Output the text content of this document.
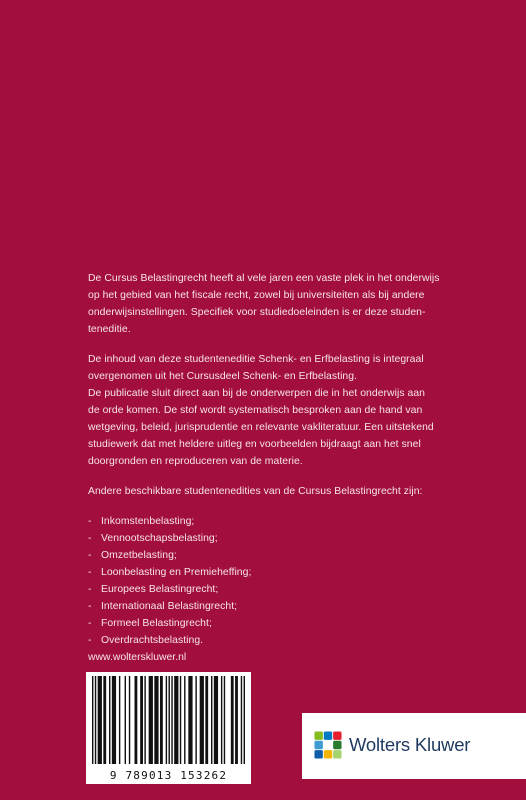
De Cursus Belastingrecht heeft al vele jaren een vaste plek in het onderwijs
op het gebied van het fiscale recht, zowel bij universiteiten als bij andere
onderwijsinstellingen. Specifiek voor studiedoeleinden is er deze studen-
teneditie.

De inhoud van deze studenteneditie Schenk- en Erfbelasting is integraal
overgenomen uit het Cursusdeel Schenk- en Erfbelasting.
De publicatie sluit direct aan bij de onderwerpen die in het onderwijs aan
de orde komen. De stof wordt systematisch besproken aan de hand van
wetgeving, beleid, jurisprudentie en relevante vakliteratuur. Een uitstekend
studiewerk dat met heldere uitleg en voorbeelden bijdraagt aan het snel
doorgronden en reproduceren van de materie.

Andere beschikbare studentenedities van de Cursus Belastingrecht zijn:

- Inkomstenbelasting;
- Vennootschapsbelasting;
- Omzetbelasting;
- Loonbelasting en Premieheffing;
- Europees Belastingrecht;
- Internationaal Belastingrecht;
- Formeel Belastingrecht;
- Overdrachtsbelasting.
www.wolterskluwer.nl
9 789013 153262
Wolters Kluwer
